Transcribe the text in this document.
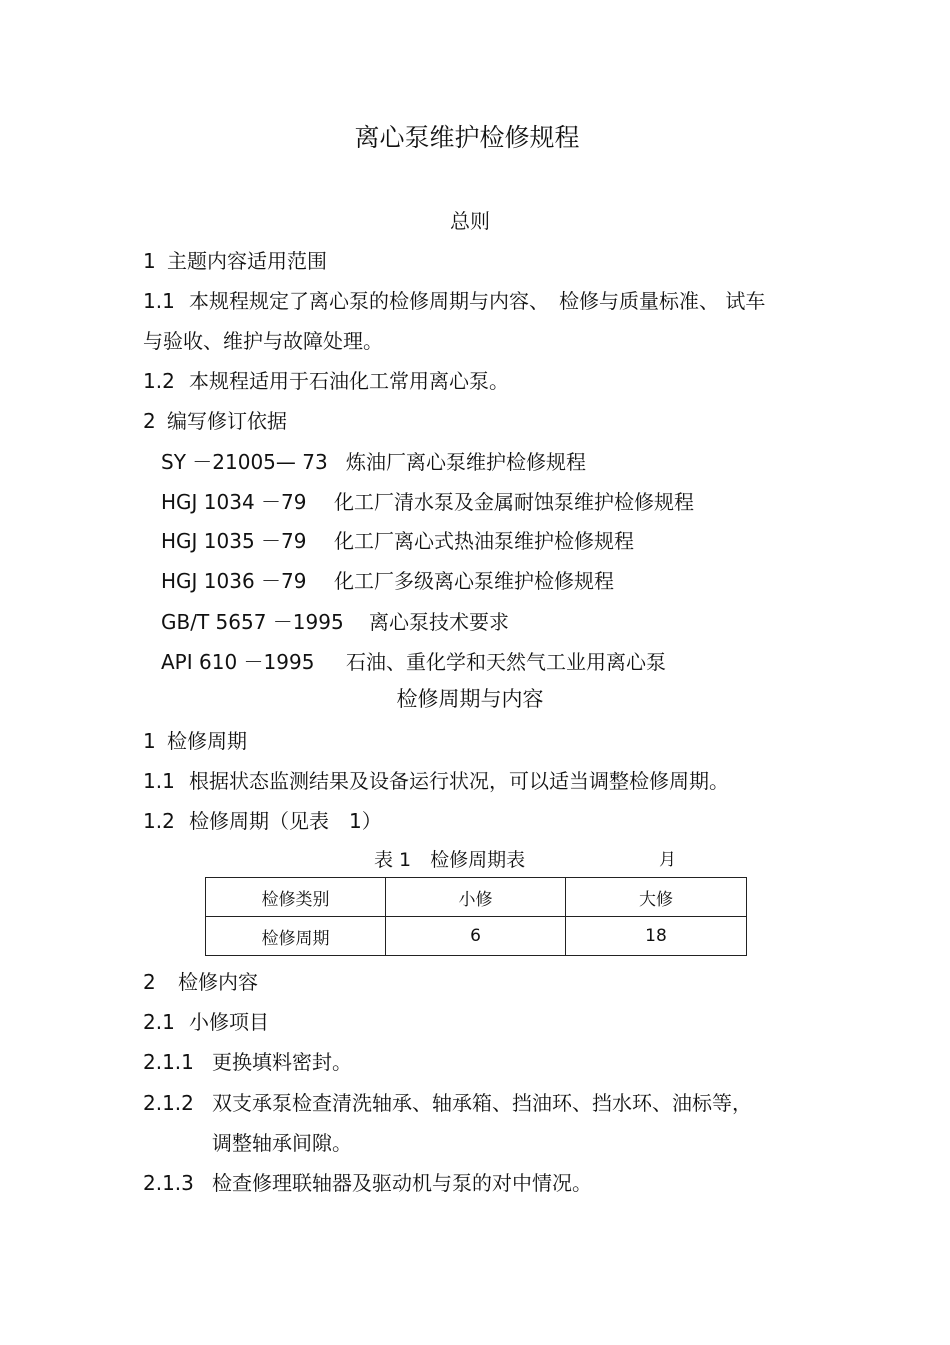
离心泵维护检修规程
总则
1 主题内容适用范围
1.1 本规程规定了离心泵的检修周期与内容、　检修与质量标准、 试车
与验收、维护与故障处理。
1.2 本规程适用于石油化工常用离心泵。
2 编写修订依据
SY －21005— 73 炼油厂离心泵维护检修规程
HGJ 1034 －79 化工厂清水泵及金属耐蚀泵维护检修规程
HGJ 1035 －79 化工厂离心式热油泵维护检修规程
HGJ 1036 －79 化工厂多级离心泵维护检修规程
GB/T 5657 －1995 离心泵技术要求
API 610 －1995 石油、重化学和天然气工业用离心泵
检修周期与内容
1 检修周期
1.1 根据状态监测结果及设备运行状况，可以适当调整检修周期。
1.2 检修周期（见表　1）
表 1　检修周期表	月
检修类别	小修	大修
检修周期	6	18
2 检修内容
2.1 小修项目
2.1.1 更换填料密封。
2.1.2 双支承泵检查清洗轴承、轴承箱、挡油环、挡水环、油标等，
调整轴承间隙。
2.1.3 检查修理联轴器及驱动机与泵的对中情况。
